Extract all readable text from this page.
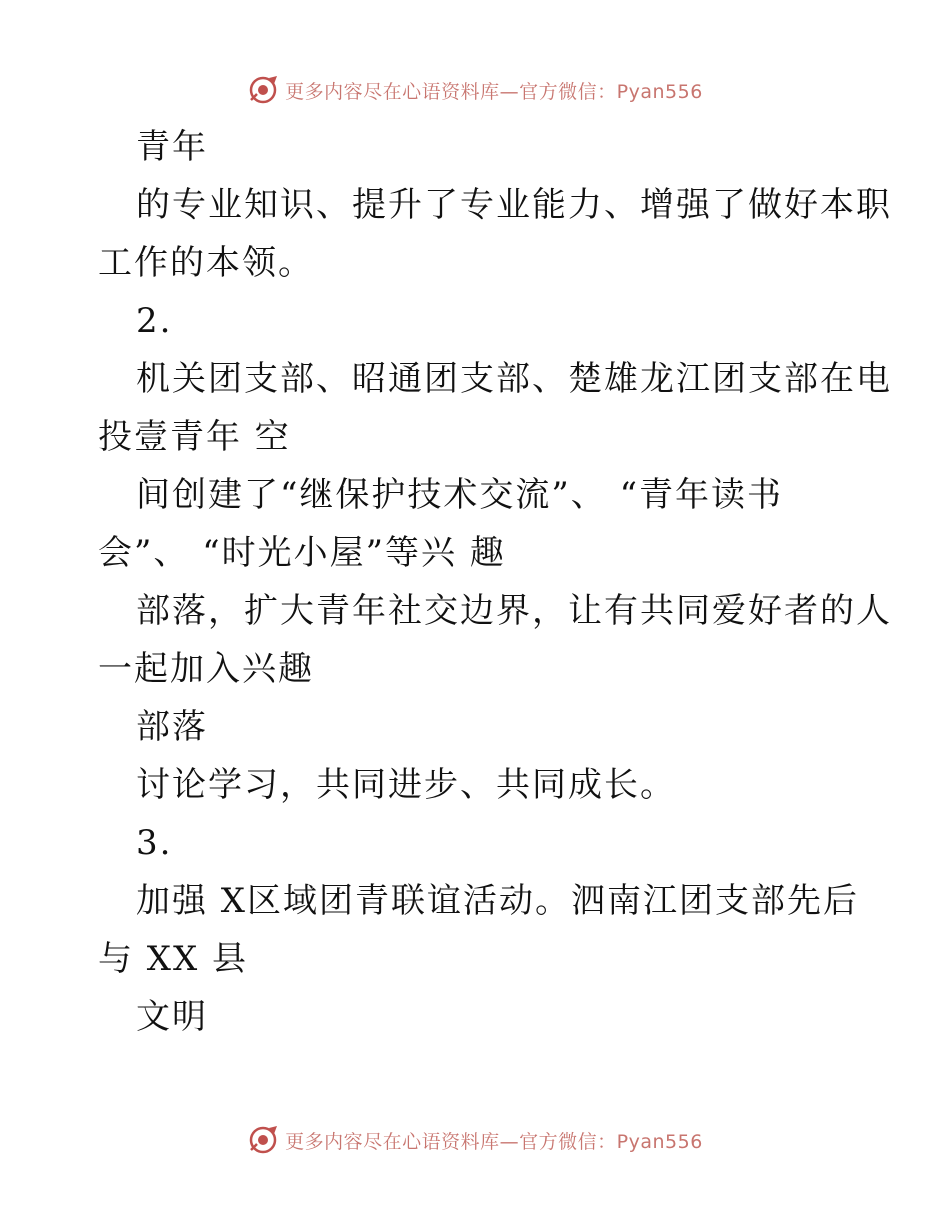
更多内容尽在心语资料库—官方微信：Pyan556
青年
的专业知识、提升了专业能力、增强了做好本职
工作的本领。
2.
机关团支部、昭通团支部、楚雄龙江团支部在电
投壹青年 空
间创建了“继保护技术交流”、 “青年读书
会”、 “时光小屋”等兴 趣
部落，扩大青年社交边界，让有共同爱好者的人
一起加入兴趣
部落
讨论学习，共同进步、共同成长。
3.
加强 X区域团青联谊活动。泗南江团支部先后
与 XX 县
文明
更多内容尽在心语资料库—官方微信：Pyan556
